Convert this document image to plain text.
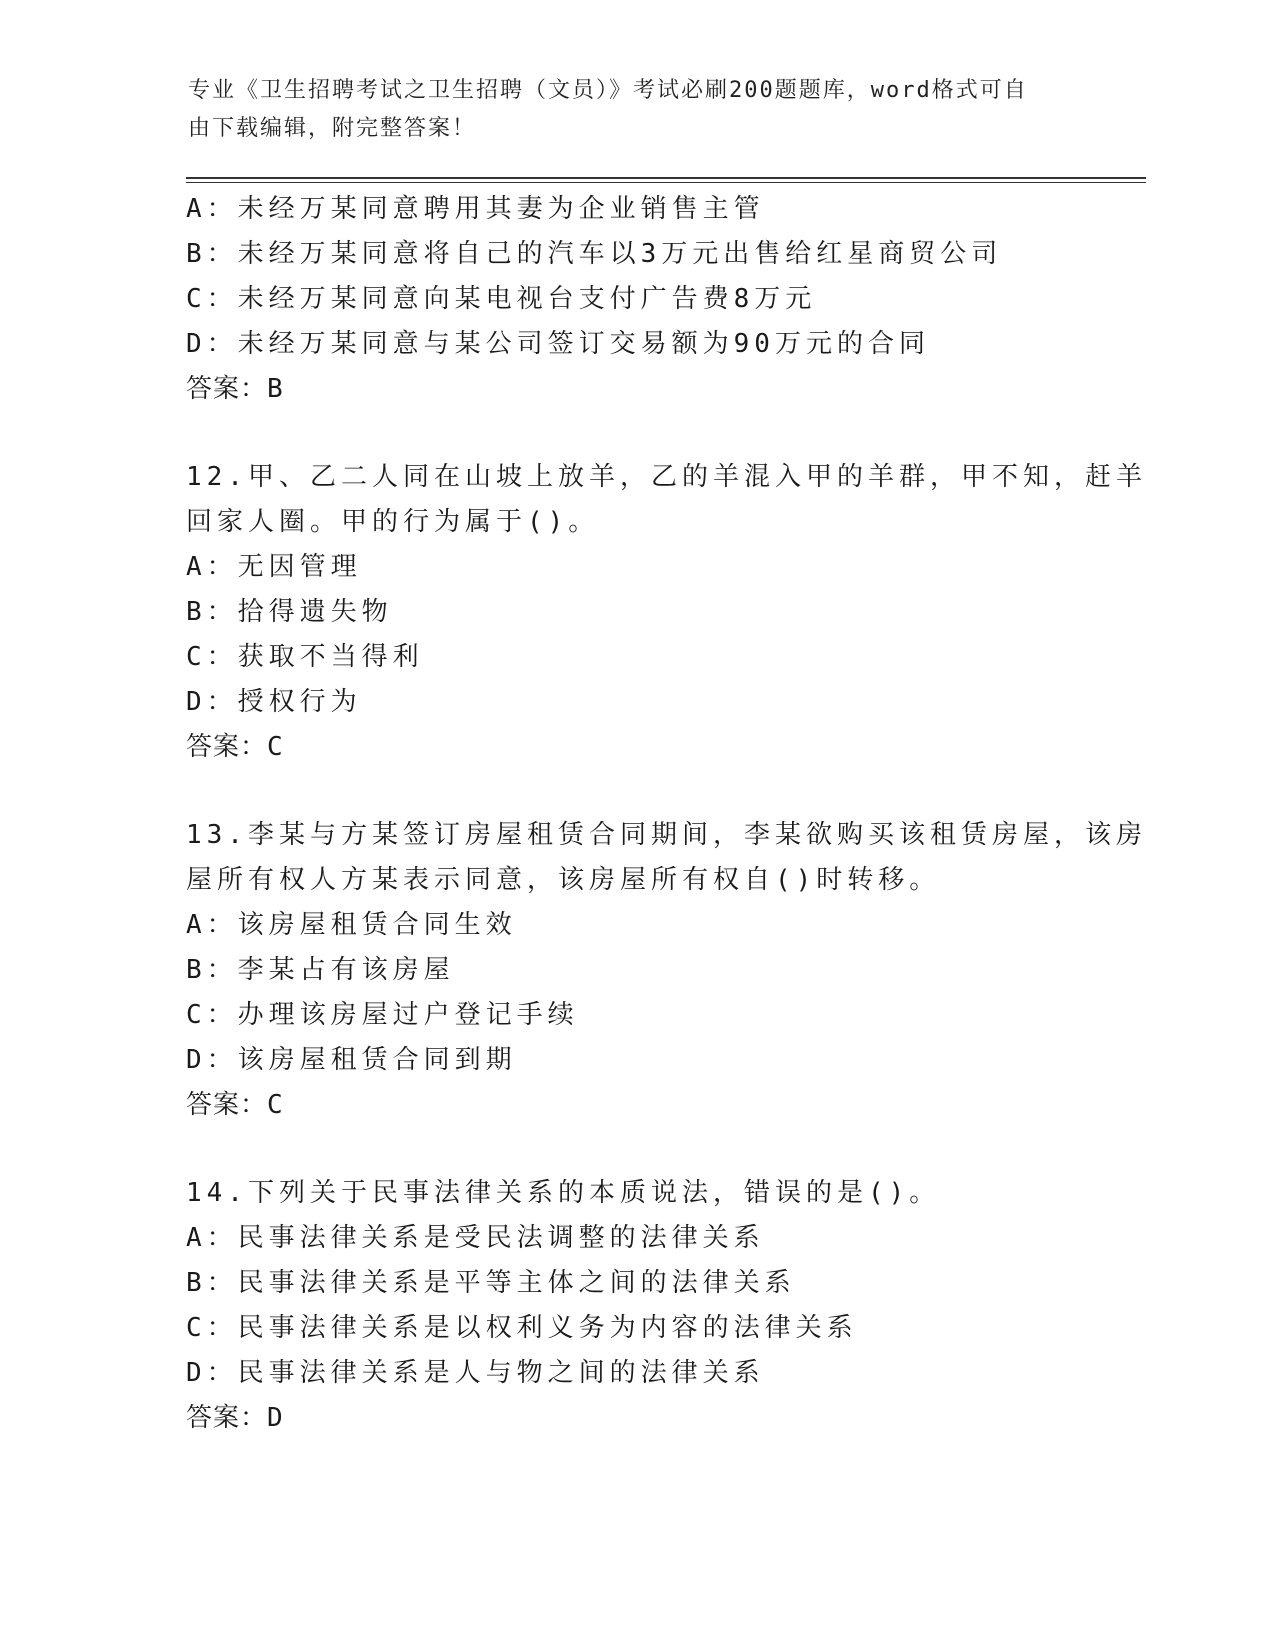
专业《卫生招聘考试之卫生招聘（文员）》考试必刷200题题库，word格式可自
由下载编辑，附完整答案！
A：未经万某同意聘用其妻为企业销售主管
B：未经万某同意将自己的汽车以3万元出售给红星商贸公司
C：未经万某同意向某电视台支付广告费8万元
D：未经万某同意与某公司签订交易额为90万元的合同
答案：B
12.甲、乙二人同在山坡上放羊，乙的羊混入甲的羊群，甲不知，赶羊
回家人圈。甲的行为属于()。
A：无因管理
B：拾得遗失物
C：获取不当得利
D：授权行为
答案：C
13.李某与方某签订房屋租赁合同期间，李某欲购买该租赁房屋，该房
屋所有权人方某表示同意，该房屋所有权自()时转移。
A：该房屋租赁合同生效
B：李某占有该房屋
C：办理该房屋过户登记手续
D：该房屋租赁合同到期
答案：C
14.下列关于民事法律关系的本质说法，错误的是()。
A：民事法律关系是受民法调整的法律关系
B：民事法律关系是平等主体之间的法律关系
C：民事法律关系是以权利义务为内容的法律关系
D：民事法律关系是人与物之间的法律关系
答案：D
